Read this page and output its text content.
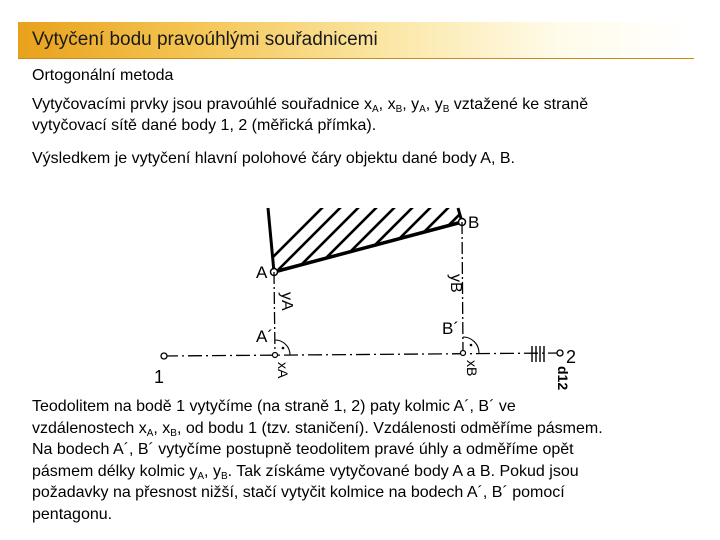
Vytyčení bodu pravoúhlými souřadnicemi
Ortogonální metoda
Vytyčovacími prvky jsou pravoúhlé souřadnice $x_A$, $x_B$, $y_A$, $y_B$ vztažené ke straně
vytyčovací sítě dané body 1, 2 (měřická přímka).
Výsledkem je vytyčení hlavní polohové čáry objektu dané body A, B.
A
B
1
2
A´	B´
yA
yB
xA	xB	d12
Teodolitem na bodě 1 vytyčíme (na straně 1, 2) paty kolmic A´, B´ ve
vzdálenostech $x_A$, $x_B$, od bodu 1 (tzv. staničení). Vzdálenosti odměříme pásmem.
Na bodech A´, B´ vytyčíme postupně teodolitem pravé úhly a odměříme opět
pásmem délky kolmic $y_A$, $y_B$. Tak získáme vytyčované body A a B. Pokud jsou
požadavky na přesnost nižší, stačí vytyčit kolmice na bodech A´, B´ pomocí
pentagonu.
